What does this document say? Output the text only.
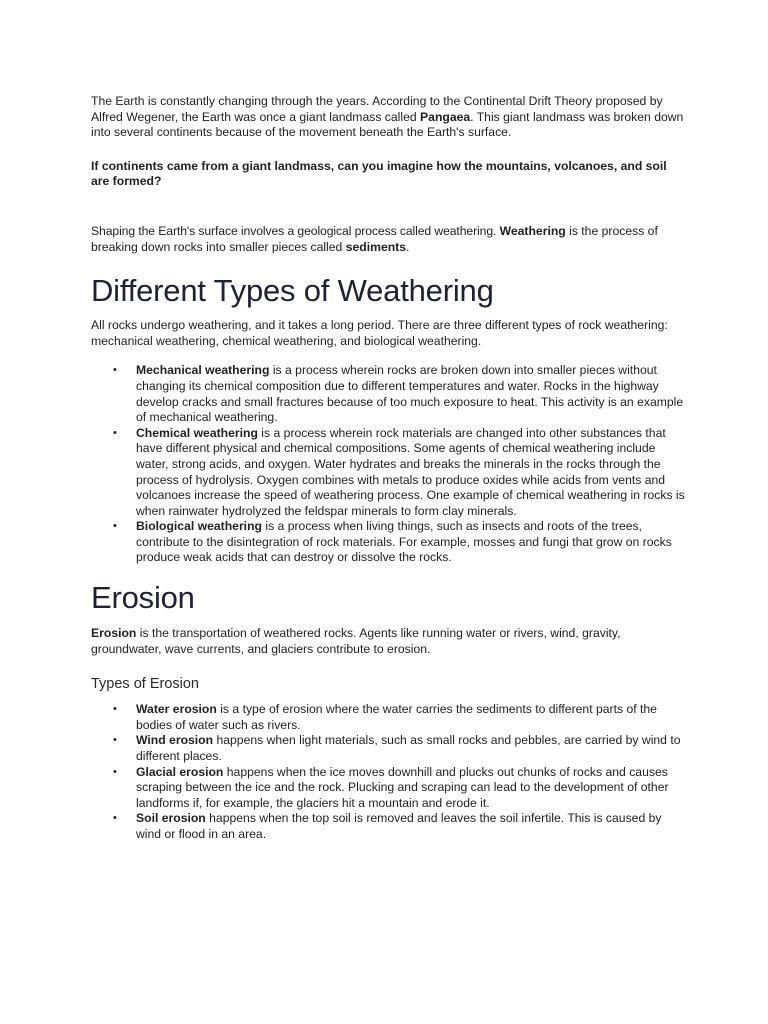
The Earth is constantly changing through the years. According to the Continental Drift Theory proposed by Alfred Wegener, the Earth was once a giant landmass called Pangaea. This giant landmass was broken down into several continents because of the movement beneath the Earth's surface.

If continents came from a giant landmass, can you imagine how the mountains, volcanoes, and soil are formed?

Shaping the Earth's surface involves a geological process called weathering. Weathering is the process of breaking down rocks into smaller pieces called sediments.

Different Types of Weathering

All rocks undergo weathering, and it takes a long period. There are three different types of rock weathering: mechanical weathering, chemical weathering, and biological weathering.

• Mechanical weathering is a process wherein rocks are broken down into smaller pieces without changing its chemical composition due to different temperatures and water. Rocks in the highway develop cracks and small fractures because of too much exposure to heat. This activity is an example of mechanical weathering.
• Chemical weathering is a process wherein rock materials are changed into other substances that have different physical and chemical compositions. Some agents of chemical weathering include water, strong acids, and oxygen. Water hydrates and breaks the minerals in the rocks through the process of hydrolysis. Oxygen combines with metals to produce oxides while acids from vents and volcanoes increase the speed of weathering process. One example of chemical weathering in rocks is when rainwater hydrolyzed the feldspar minerals to form clay minerals.
• Biological weathering is a process when living things, such as insects and roots of the trees, contribute to the disintegration of rock materials. For example, mosses and fungi that grow on rocks produce weak acids that can destroy or dissolve the rocks.
Erosion

Erosion is the transportation of weathered rocks. Agents like running water or rivers, wind, gravity, groundwater, wave currents, and glaciers contribute to erosion.

Types of Erosion
• Water erosion is a type of erosion where the water carries the sediments to different parts of the bodies of water such as rivers.
• Wind erosion happens when light materials, such as small rocks and pebbles, are carried by wind to different places.
• Glacial erosion happens when the ice moves downhill and plucks out chunks of rocks and causes scraping between the ice and the rock. Plucking and scraping can lead to the development of other landforms if, for example, the glaciers hit a mountain and erode it.
• Soil erosion happens when the top soil is removed and leaves the soil infertile. This is caused by wind or flood in an area.
